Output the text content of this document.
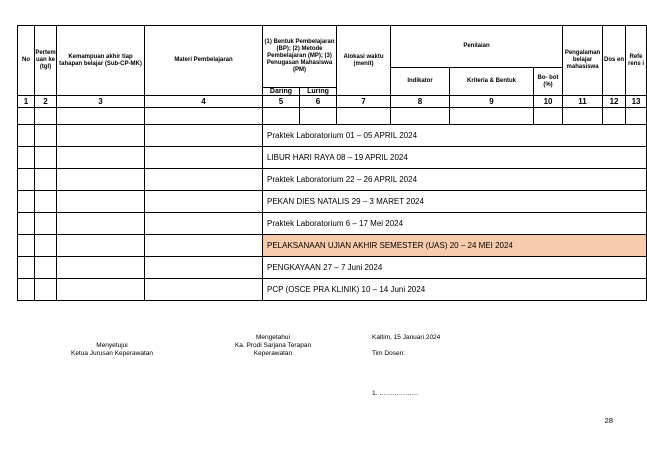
No	Pertem uan ke (tgl)	Kemampuan akhir tiap tahapan belajar (Sub-CP-MK)	Materi Pembelajaran	(1) Bentuk Pembelajaran (BP); (2) Metode Pembelajaran (MP); (3) Penugasan Mahasiswa (PM)		Alokasi waktu (menit)	Penilaian			Pengalaman belajar mahasiswa	Dos en	Refe rens i
							Indikator	Kriteria & Bentuk	Bo- bot (%)			
				Daring	Luring							
1	2	3	4	5	6	7	8	9	10	11	12	13

				Praktek Laboratorium 01 – 05 APRIL 2024								
				LIBUR HARI RAYA 08 – 19 APRIL 2024								
				Praktek Laboratorium 22 – 26 APRIL 2024								
				PEKAN DIES NATALIS 29 – 3 MARET 2024								
				Praktek Laboratorium 6 – 17 Mei 2024								
				PELAKSANAAN UJIAN AKHIR SEMESTER (UAS) 20 – 24 MEI 2024								
				PENGKAYAAN 27 – 7 Juni 2024								
				PCP (OSCE PRA KLINIK) 10 – 14 Juni 2024								
Menyetujui
Ketua Jurusan Keperawatan
Mengetahui
Ka. Prodi Sarjana Terapan
Keperawatan
Kaltim, 15 Januari 2024
Tim Dosen:
1. ………………
28
